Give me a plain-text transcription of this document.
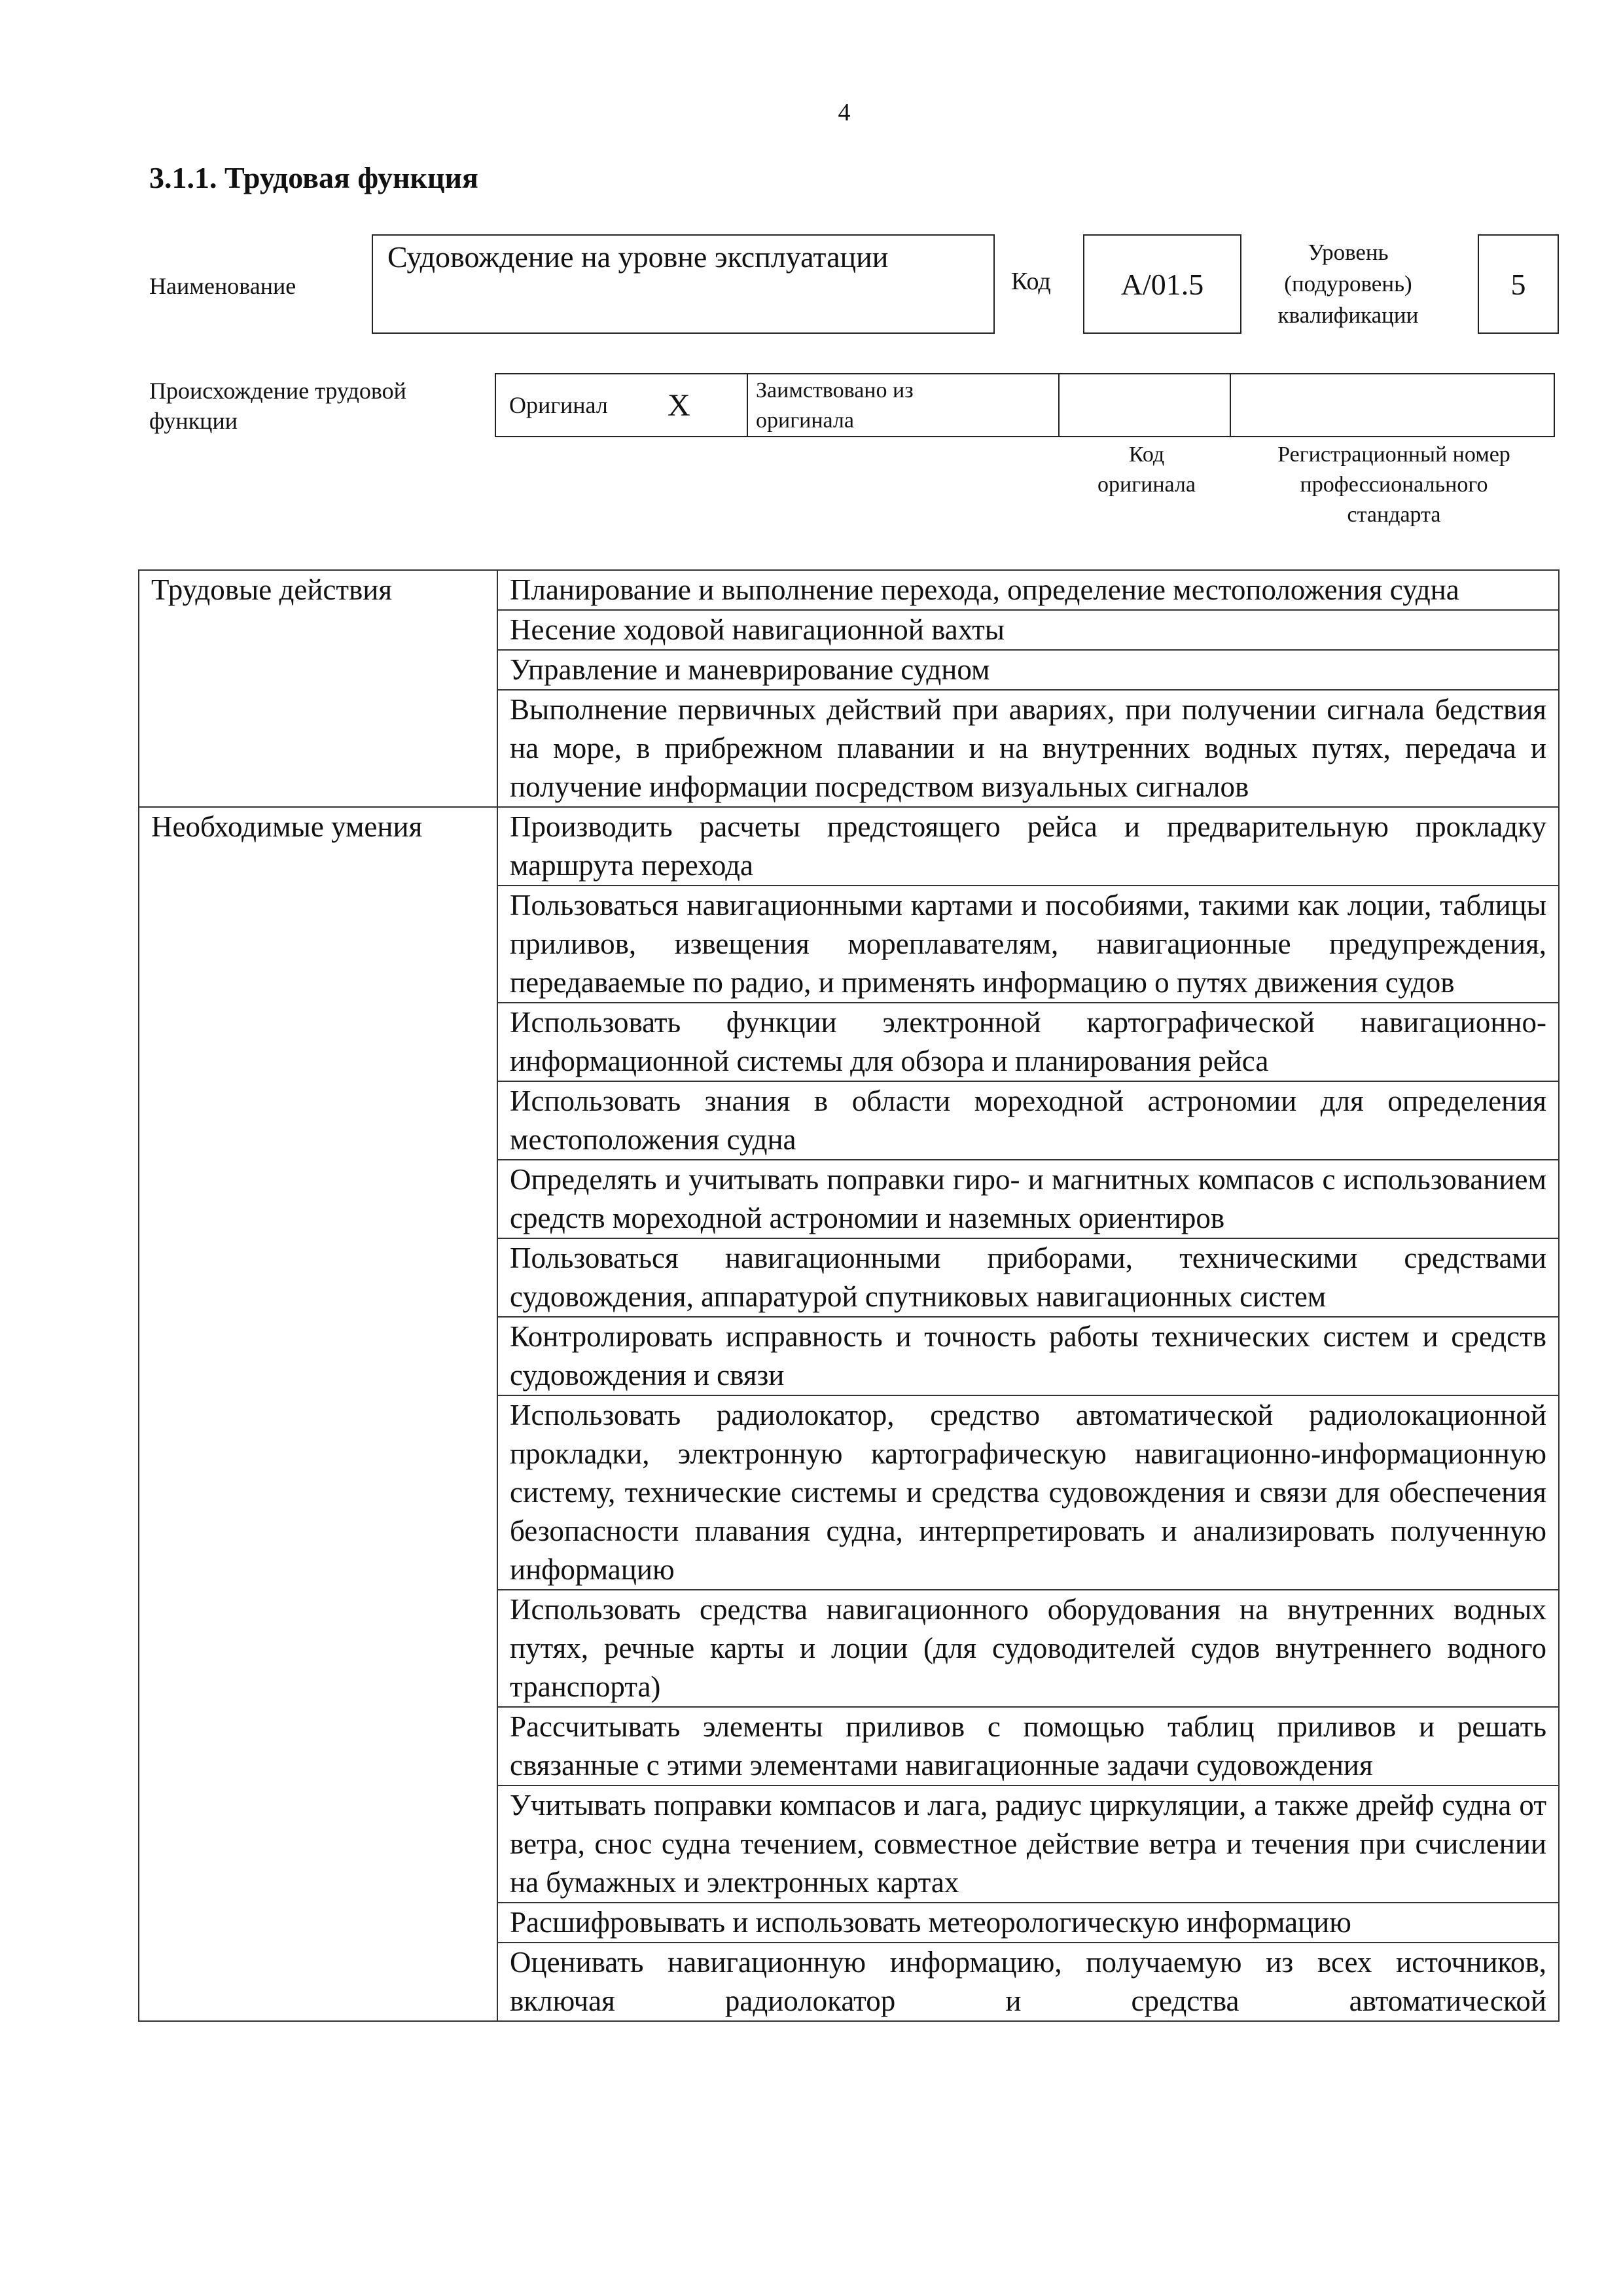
4
3.1.1. Трудовая функция
Наименование
Судовождение на уровне эксплуатации
Код	А/01.5
Уровень
(подуровень)
квалификации
5
Происхождение трудовой
функции
Оригинал X	Заимствовано из
оригинала
Код
оригинала
Регистрационный номер
профессионального
стандарта
Трудовые действия	Планирование и выполнение перехода, определение местоположения судна
	Несение ходовой навигационной вахты
	Управление и маневрирование судном
	Выполнение первичных действий при авариях, при получении сигнала бедствия на море, в прибрежном плавании и на внутренних водных путях, передача и получение информации посредством визуальных сигналов
Необходимые умения	Производить расчеты предстоящего рейса и предварительную прокладку маршрута перехода
	Пользоваться навигационными картами и пособиями, такими как лоции, таблицы приливов, извещения мореплавателям, навигационные предупреждения, передаваемые по радио, и применять информацию о путях движения судов
	Использовать функции электронной картографической навигационно-информационной системы для обзора и планирования рейса
	Использовать знания в области мореходной астрономии для определения местоположения судна
	Определять и учитывать поправки гиро- и магнитных компасов с использованием средств мореходной астрономии и наземных ориентиров
	Пользоваться навигационными приборами, техническими средствами судовождения, аппаратурой спутниковых навигационных систем
	Контролировать исправность и точность работы технических систем и средств судовождения и связи
	Использовать радиолокатор, средство автоматической радиолокационной прокладки, электронную картографическую навигационно-информационную систему, технические системы и средства судовождения и связи для обеспечения безопасности плавания судна, интерпретировать и анализировать полученную информацию
	Использовать средства навигационного оборудования на внутренних водных путях, речные карты и лоции (для судоводителей судов внутреннего водного транспорта)
	Рассчитывать элементы приливов с помощью таблиц приливов и решать связанные с этими элементами навигационные задачи судовождения
	Учитывать поправки компасов и лага, радиус циркуляции, а также дрейф судна от ветра, снос судна течением, совместное действие ветра и течения при счислении на бумажных и электронных картах
	Расшифровывать и использовать метеорологическую информацию
	Оценивать навигационную информацию, получаемую из всех источников, включая радиолокатор и средства автоматической
